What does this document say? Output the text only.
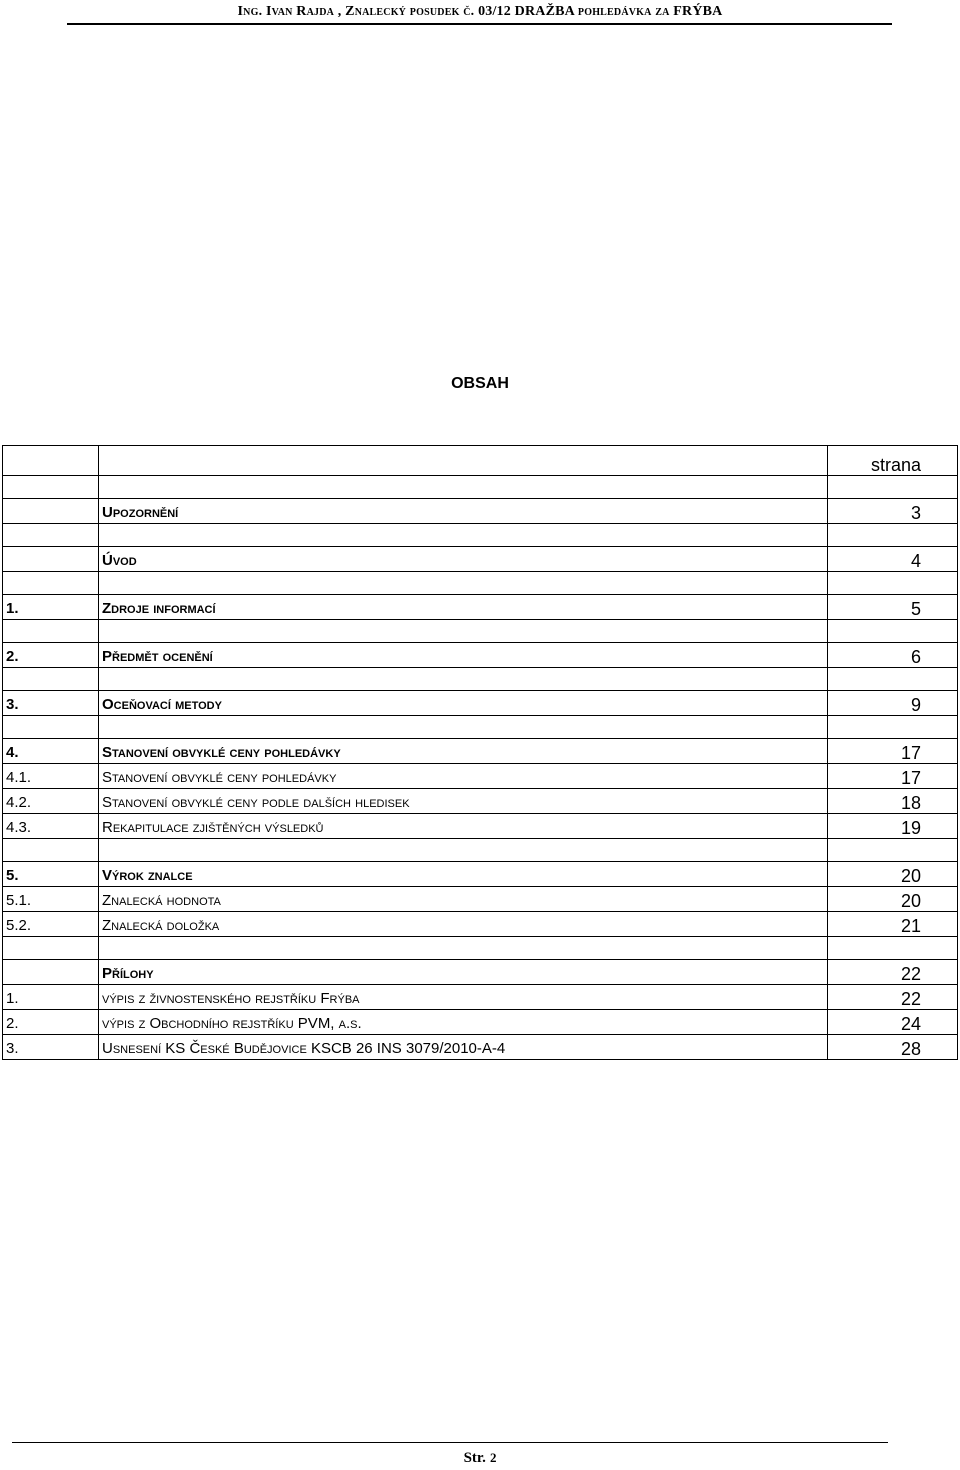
Ing. Ivan Rajda , Znalecký posudek č. 03/12 DRAŽBA pohledávka za FRÝBA
OBSAH
		strana

	Upozornění	3

	Úvod	4

1.	Zdroje informací	5

2.	Předmět ocenění	6

3.	Oceňovací metody	9

4.	Stanovení obvyklé ceny pohledávky	17
4.1.	Stanovení obvyklé ceny pohledávky	17
4.2.	Stanovení obvyklé ceny podle dalších hledisek	18
4.3.	Rekapitulace zjištěných výsledků	19

5.	Výrok znalce	20
5.1.	Znalecká hodnota	20
5.2.	Znalecká doložka	21

	Přílohy	22
1.	výpis z živnostenského rejstříku Frýba	22
2.	výpis z Obchodního rejstříku PVM, a.s.	24
3.	Usnesení KS České Budějovice KSCB 26 INS 3079/2010-A-4	28
Str. 2
